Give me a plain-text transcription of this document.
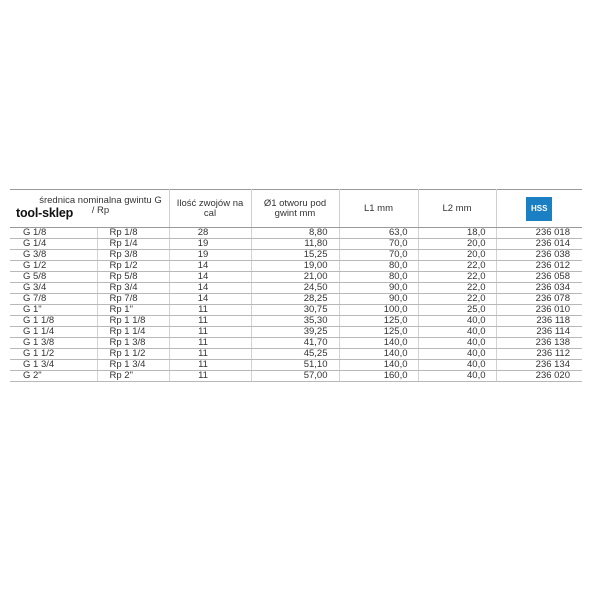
średnica nominalna gwintu G / Rp
tool-sklep		Ilość zwojów na cal	Ø1 otworu pod gwint mm	L1 mm	L2 mm	HSS
G 1/8	Rp 1/8	28	8,80	63,0	18,0	236 018
G 1/4	Rp 1/4	19	11,80	70,0	20,0	236 014
G 3/8	Rp 3/8	19	15,25	70,0	20,0	236 038
G 1/2	Rp 1/2	14	19,00	80,0	22,0	236 012
G 5/8	Rp 5/8	14	21,00	80,0	22,0	236 058
G 3/4	Rp 3/4	14	24,50	90,0	22,0	236 034
G 7/8	Rp 7/8	14	28,25	90,0	22,0	236 078
G 1"	Rp 1"	11	30,75	100,0	25,0	236 010
G 1 1/8	Rp 1 1/8	11	35,30	125,0	40,0	236 118
G 1 1/4	Rp 1 1/4	11	39,25	125,0	40,0	236 114
G 1 3/8	Rp 1 3/8	11	41,70	140,0	40,0	236 138
G 1 1/2	Rp 1 1/2	11	45,25	140,0	40,0	236 112
G 1 3/4	Rp 1 3/4	11	51,10	140,0	40,0	236 134
G 2"	Rp 2"	11	57,00	160,0	40,0	236 020
